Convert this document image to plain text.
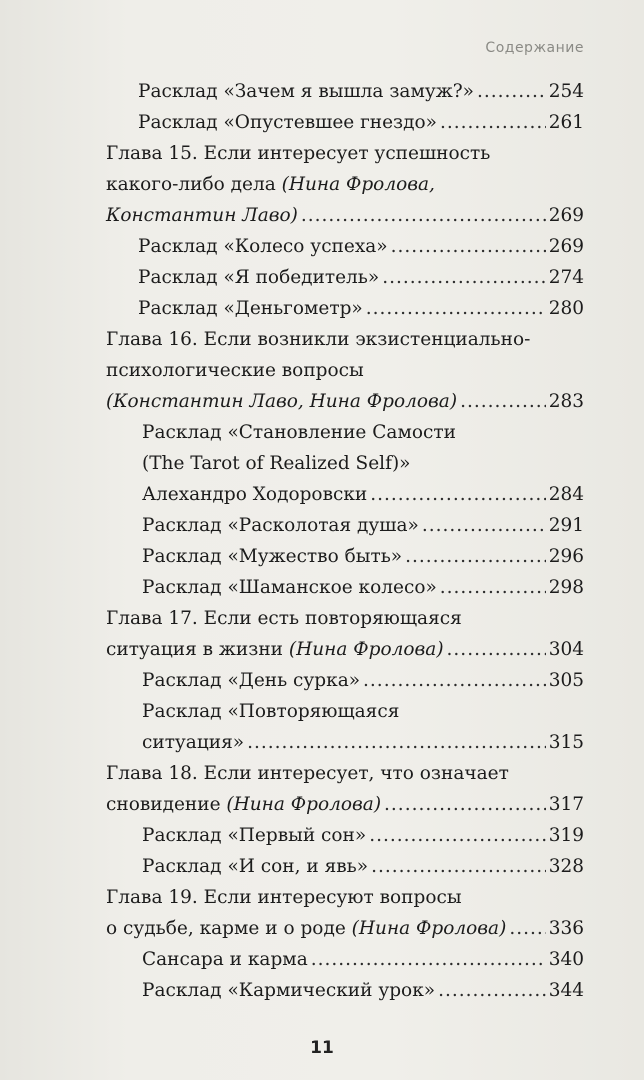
Содержание
Расклад «Зачем я вышла замуж?» .....	254
Расклад «Опустевшее гнездо» .....	261
Глава 15. Если интересует успешность
какого-либо дела (Нина Фролова,
Константин Лаво) .....	269
Расклад «Колесо успеха» .....	269
Расклад «Я победитель» .....	274
Расклад «Деньгометр» .....	280
Глава 16. Если возникли экзистенциально-
психологические вопросы
(Константин Лаво, Нина Фролова) .....	283
Расклад «Становление Самости
(The Tarot of Realized Self)»
Алехандро Ходоровски .....	284
Расклад «Расколотая душа» .....	291
Расклад «Мужество быть» .....	296
Расклад «Шаманское колесо» .....	298
Глава 17. Если есть повторяющаяся
ситуация в жизни (Нина Фролова) .....	304
Расклад «День сурка» .....	305
Расклад «Повторяющаяся
ситуация» .....	315
Глава 18. Если интересует, что означает
сновидение (Нина Фролова) .....	317
Расклад «Первый сон» .....	319
Расклад «И сон, и явь» .....	328
Глава 19. Если интересуют вопросы
о судьбе, карме и о роде (Нина Фролова) ..... 336
Сансара и карма .....	340
Расклад «Кармический урок» .....	344
11
